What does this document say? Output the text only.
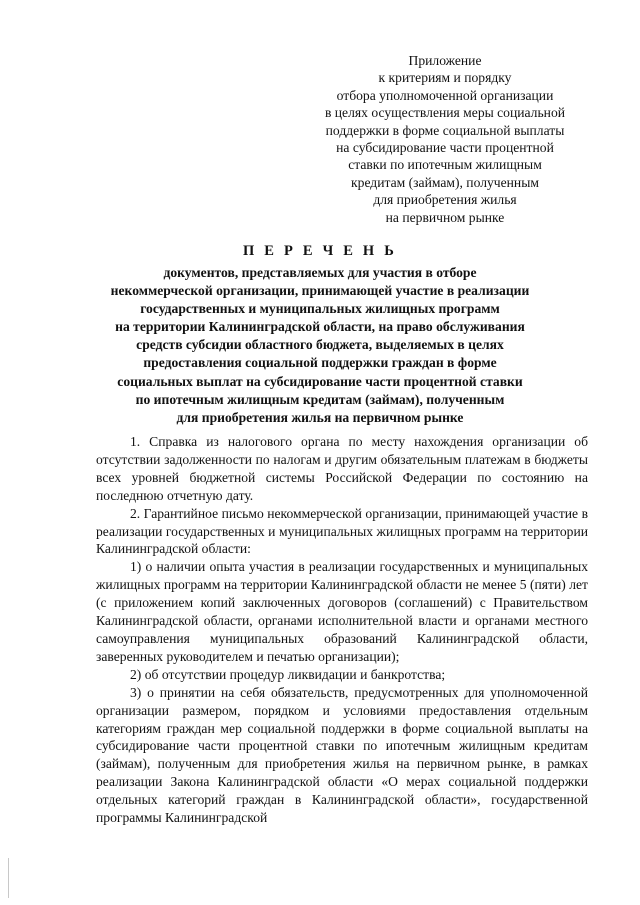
Приложение
к критериям и порядку
отбора уполномоченной организации
в целях осуществления меры социальной
поддержки в форме социальной выплаты
на субсидирование части процентной
ставки по ипотечным жилищным
кредитам (займам), полученным
для приобретения жилья
на первичном рынке
П Е Р Е Ч Е Н Ь
документов, представляемых для участия в отборе
некоммерческой организации, принимающей участие в реализации
государственных и муниципальных жилищных программ
на территории Калининградской области, на право обслуживания
средств субсидии областного бюджета, выделяемых в целях
предоставления социальной поддержки граждан в форме
социальных выплат на субсидирование части процентной ставки
по ипотечным жилищным кредитам (займам), полученным
для приобретения жилья на первичном рынке

1. Справка из налогового органа по месту нахождения организации об отсутствии задолженности по налогам и другим обязательным платежам в бюджеты всех уровней бюджетной системы Российской Федерации по состоянию на последнюю отчетную дату.

2. Гарантийное письмо некоммерческой организации, принимающей участие в реализации государственных и муниципальных жилищных программ на территории Калининградской области:

1) о наличии опыта участия в реализации государственных и муниципальных жилищных программ на территории Калининградской области не менее 5 (пяти) лет (с приложением копий заключенных договоров (соглашений) с Правительством Калининградской области, органами исполнительной власти и органами местного самоуправления муниципальных образований Калининградской области, заверенных руководителем и печатью организации);

2) об отсутствии процедур ликвидации и банкротства;

3) о принятии на себя обязательств, предусмотренных для уполномоченной организации размером, порядком и условиями предоставления отдельным категориям граждан мер социальной поддержки в форме социальной выплаты на субсидирование части процентной ставки по ипотечным жилищным кредитам (займам), полученным для приобретения жилья на первичном рынке, в рамках реализации Закона Калининградской области «О мерах социальной поддержки отдельных категорий граждан в Калининградской области», государственной программы Калининградской
